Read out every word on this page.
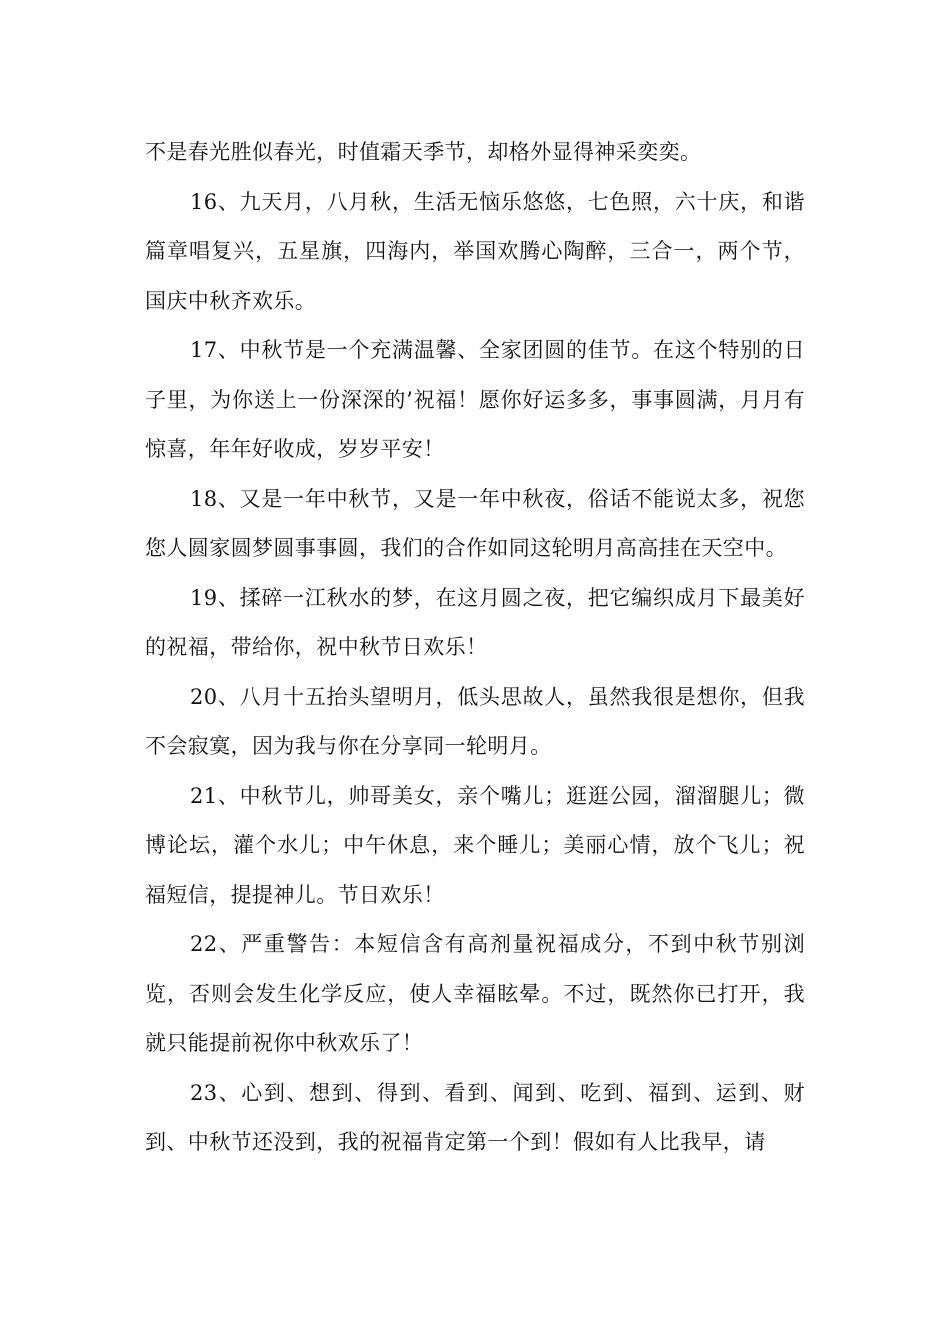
不是春光胜似春光，时值霜天季节，却格外显得神采奕奕。

16、九天月，八月秋，生活无恼乐悠悠，七色照，六十庆，和谐篇章唱复兴，五星旗，四海内，举国欢腾心陶醉，三合一，两个节，国庆中秋齐欢乐。

17、中秋节是一个充满温馨、全家团圆的佳节。在这个特别的日子里，为你送上一份深深的’祝福！愿你好运多多，事事圆满，月月有惊喜，年年好收成，岁岁平安！

18、又是一年中秋节，又是一年中秋夜，俗话不能说太多，祝您您人圆家圆梦圆事事圆，我们的合作如同这轮明月高高挂在天空中。

19、揉碎一江秋水的梦，在这月圆之夜，把它编织成月下最美好的祝福，带给你，祝中秋节日欢乐！

20、八月十五抬头望明月，低头思故人，虽然我很是想你，但我不会寂寞，因为我与你在分享同一轮明月。

21、中秋节儿，帅哥美女，亲个嘴儿；逛逛公园，溜溜腿儿；微博论坛，灌个水儿；中午休息，来个睡儿；美丽心情，放个飞儿；祝福短信，提提神儿。节日欢乐！

22、严重警告：本短信含有高剂量祝福成分，不到中秋节别浏览，否则会发生化学反应，使人幸福眩晕。不过，既然你已打开，我就只能提前祝你中秋欢乐了！

23、心到、想到、得到、看到、闻到、吃到、福到、运到、财到、中秋节还没到，我的祝福肯定第一个到！假如有人比我早，请
